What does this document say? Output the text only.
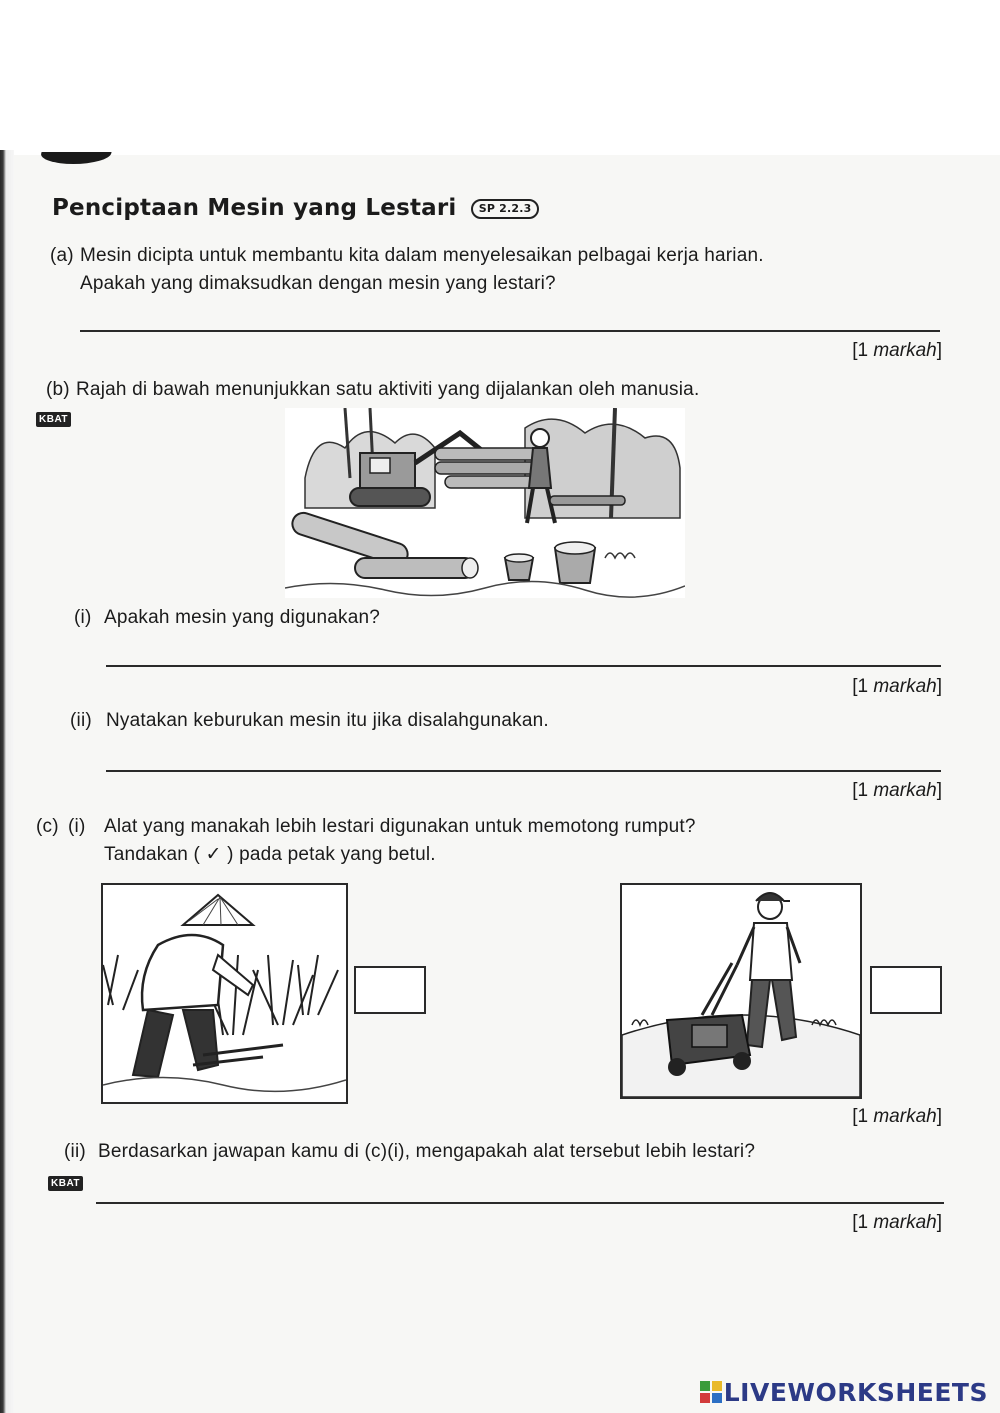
Penciptaan Mesin yang Lestari SP 2.2.3
(a) Mesin dicipta untuk membantu kita dalam menyelesaikan pelbagai kerja harian.
Apakah yang dimaksudkan dengan mesin yang lestari?
[1 markah]
(b) Rajah di bawah menunjukkan satu aktiviti yang dijalankan oleh manusia.
KBAT
(i) Apakah mesin yang digunakan?
[1 markah]
(ii) Nyatakan keburukan mesin itu jika disalahgunakan.
[1 markah]
(c) (i) Alat yang manakah lebih lestari digunakan untuk memotong rumput?
Tandakan ( ✓ ) pada petak yang betul.
[1 markah]
(ii) Berdasarkan jawapan kamu di (c)(i), mengapakah alat tersebut lebih lestari?
KBAT
[1 markah]
LIVEWORKSHEETS
